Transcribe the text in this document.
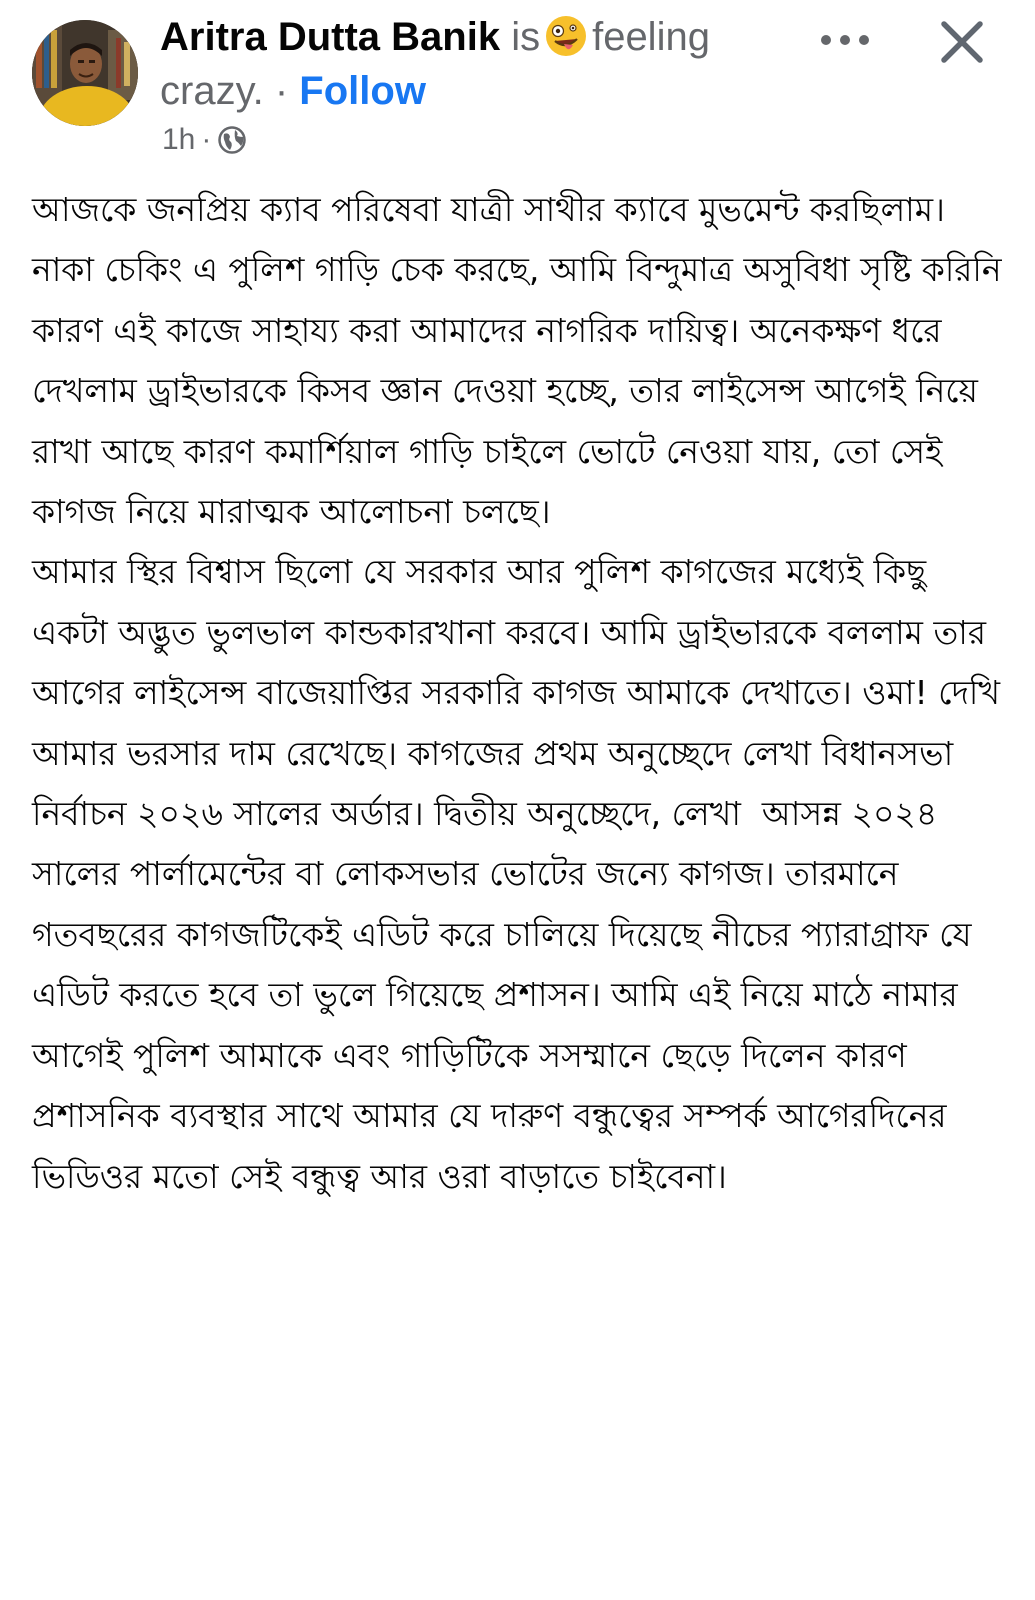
Aritra Dutta Banik is feeling
crazy. · Follow
1h ·

আজকে জনপ্রিয় ক্যাব পরিষেবা যাত্রী সাথীর ক্যাবে মুভমেন্ট করছিলাম। নাকা চেকিং এ পুলিশ গাড়ি চেক করছে, আমি বিন্দুমাত্র অসুবিধা সৃষ্টি করিনি কারণ এই কাজে সাহায্য করা আমাদের নাগরিক দায়িত্ব। অনেকক্ষণ ধরে দেখলাম ড্রাইভারকে কিসব জ্ঞান দেওয়া হচ্ছে, তার লাইসেন্স আগেই নিয়ে রাখা আছে কারণ কমার্শিয়াল গাড়ি চাইলে ভোটে নেওয়া যায়, তো সেই কাগজ নিয়ে মারাত্মক আলোচনা চলছে।

আমার স্থির বিশ্বাস ছিলো যে সরকার আর পুলিশ কাগজের মধ্যেই কিছু একটা অদ্ভুত ভুলভাল কান্ডকারখানা করবে। আমি ড্রাইভারকে বললাম তার আগের লাইসেন্স বাজেয়াপ্তির সরকারি কাগজ আমাকে দেখাতে। ওমা! দেখি আমার ভরসার দাম রেখেছে। কাগজের প্রথম অনুচ্ছেদে লেখা বিধানসভা নির্বাচন ২০২৬ সালের অর্ডার। দ্বিতীয় অনুচ্ছেদে, লেখা  আসন্ন ২০২৪ সালের পার্লামেন্টের বা লোকসভার ভোটের জন্যে কাগজ। তারমানে গতবছরের কাগজটিকেই এডিট করে চালিয়ে দিয়েছে নীচের প্যারাগ্রাফ যে এডিট করতে হবে তা ভুলে গিয়েছে প্রশাসন। আমি এই নিয়ে মাঠে নামার আগেই পুলিশ আমাকে এবং গাড়িটিকে সসম্মানে ছেড়ে দিলেন কারণ প্রশাসনিক ব্যবস্থার সাথে আমার যে দারুণ বন্ধুত্বের সম্পর্ক আগেরদিনের ভিডিওর মতো সেই বন্ধুত্ব আর ওরা বাড়াতে চাইবেনা।
